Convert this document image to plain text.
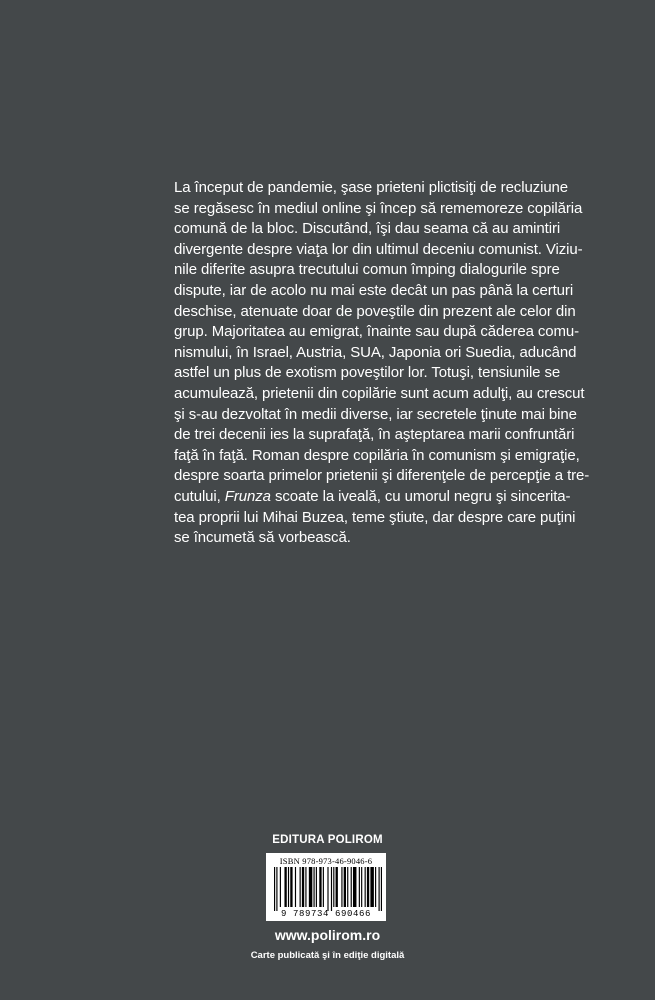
La început de pandemie, şase prieteni plictisiţi de recluziune
se regăsesc în mediul online şi încep să rememoreze copilăria
comună de la bloc. Discutând, îşi dau seama că au amintiri
divergente despre viaţa lor din ultimul deceniu comunist. Viziu-
nile diferite asupra trecutului comun împing dialogurile spre
dispute, iar de acolo nu mai este decât un pas până la certuri
deschise, atenuate doar de poveştile din prezent ale celor din
grup. Majoritatea au emigrat, înainte sau după căderea comu-
nismului, în Israel, Austria, SUA, Japonia ori Suedia, aducând
astfel un plus de exotism poveştilor lor. Totuşi, tensiunile se
acumulează, prietenii din copilărie sunt acum adulţi, au crescut
şi s-au dezvoltat în medii diverse, iar secretele ţinute mai bine
de trei decenii ies la suprafaţă, în aşteptarea marii confruntări
faţă în faţă. Roman despre copilăria în comunism şi emigraţie,
despre soarta primelor prietenii şi diferenţele de percepţie a tre-
cutului, Frunza scoate la iveală, cu umorul negru şi sincerita-
tea proprii lui Mihai Buzea, teme ştiute, dar despre care puţini
se încumetă să vorbească.
EDITURA POLIROM
ISBN 978-973-46-9046-6
9 789734 690466
www.polirom.ro
Carte publicată şi în ediţie digitală
